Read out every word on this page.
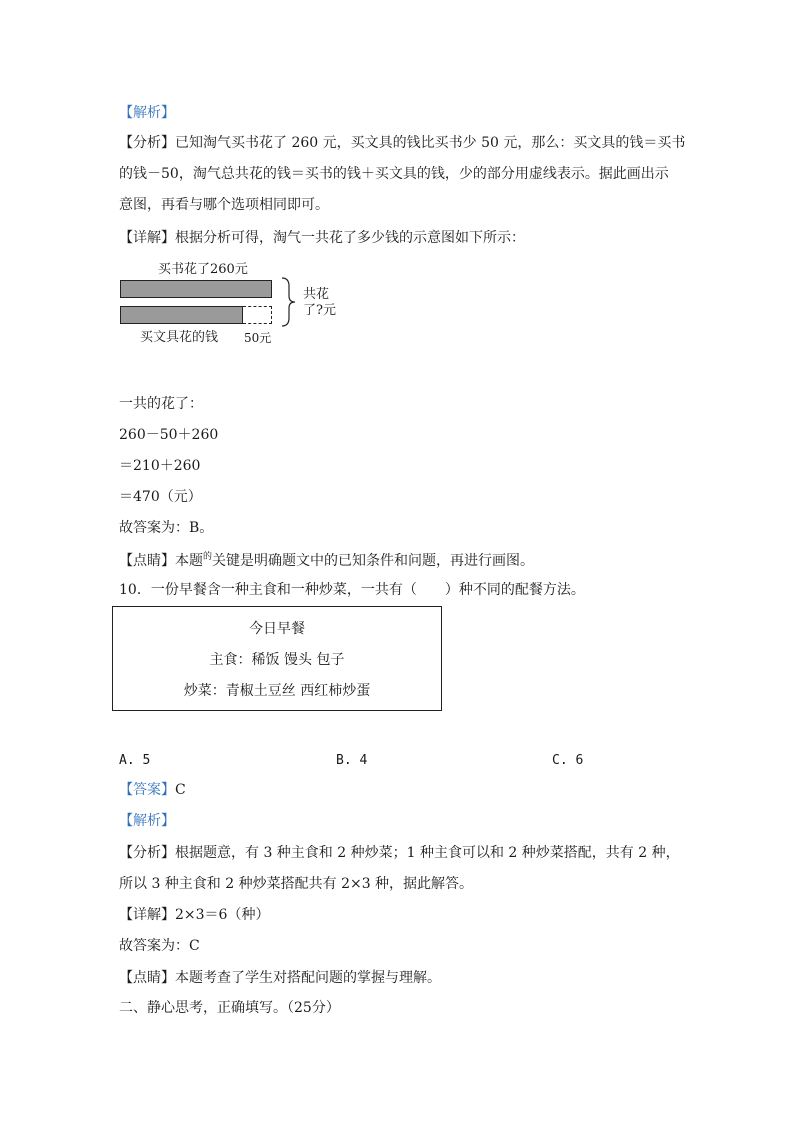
【解析】
【分析】已知淘气买书花了 260 元，买文具的钱比买书少 50 元，那么：买文具的钱＝买书
的钱－50，淘气总共花的钱＝买书的钱＋买文具的钱，少的部分用虚线表示。据此画出示
意图，再看与哪个选项相同即可。
【详解】根据分析可得，淘气一共花了多少钱的示意图如下所示：
买书花了260元
共花
了?元
买文具花的钱 50元
一共的花了：
260－50＋260
＝210＋260
＝470（元）
故答案为：B。
【点睛】本题$^的$关键是明确题文中的已知条件和问题，再进行画图。
10．一份早餐含一种主食和一种炒菜，一共有（　　）种不同的配餐方法。
今日早餐
主食：稀饭 馒头 包子
炒菜：青椒土豆丝 西红柿炒蛋
A. 5	B. 4	C. 6
【答案】C
【解析】
【分析】根据题意，有 3 种主食和 2 种炒菜；1 种主食可以和 2 种炒菜搭配，共有 2 种，
所以 3 种主食和 2 种炒菜搭配共有 2×3 种，据此解答。
【详解】2×3＝6（种）
故答案为：C
【点睛】本题考查了学生对搭配问题的掌握与理解。
二、静心思考，正确填写。（25分）
